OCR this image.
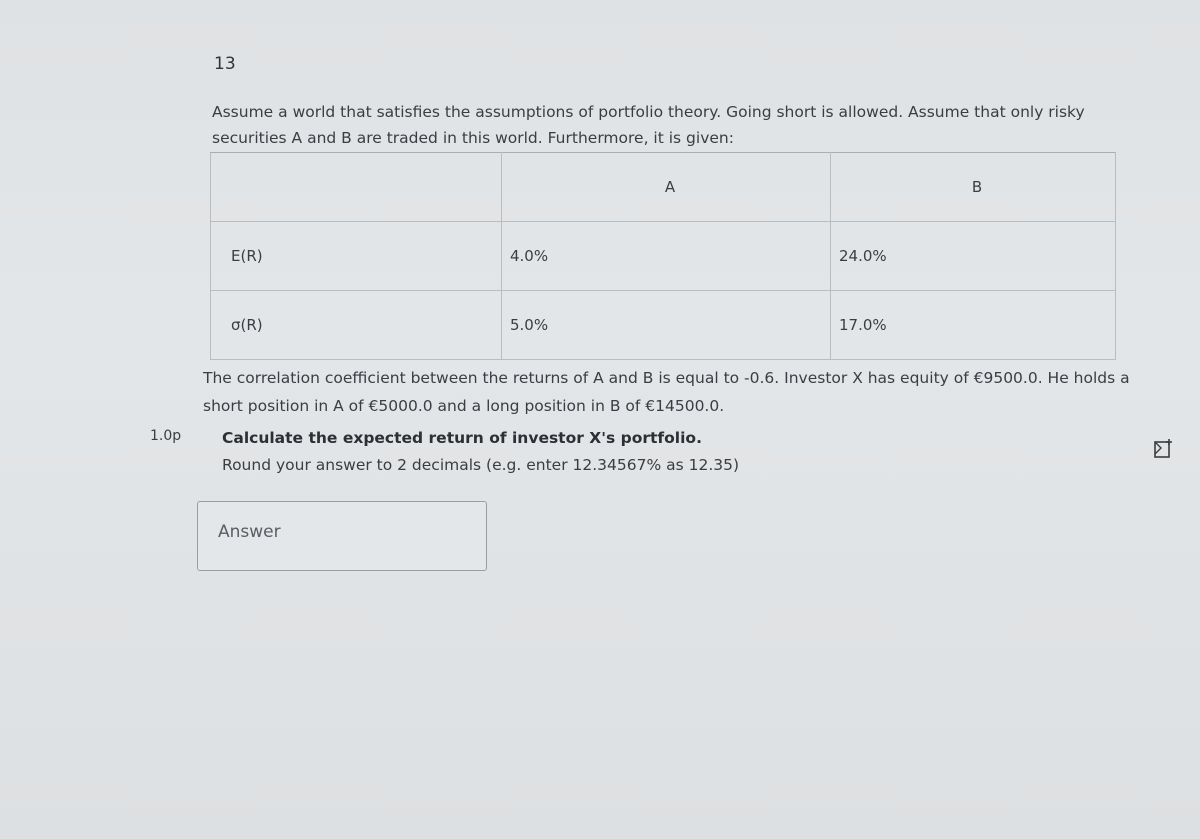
13
Assume a world that satisfies the assumptions of portfolio theory. Going short is allowed. Assume that only risky securities A and B are traded in this world. Furthermore, it is given:
	A	B
E(R)	4.0%	24.0%
σ(R)	5.0%	17.0%
The correlation coefficient between the returns of A and B is equal to -0.6. Investor X has equity of €9500.0. He holds a short position in A of €5000.0 and a long position in B of €14500.0.
1.0p	Calculate the expected return of investor X's portfolio.
Round your answer to 2 decimals (e.g. enter 12.34567% as 12.35)
Answer
